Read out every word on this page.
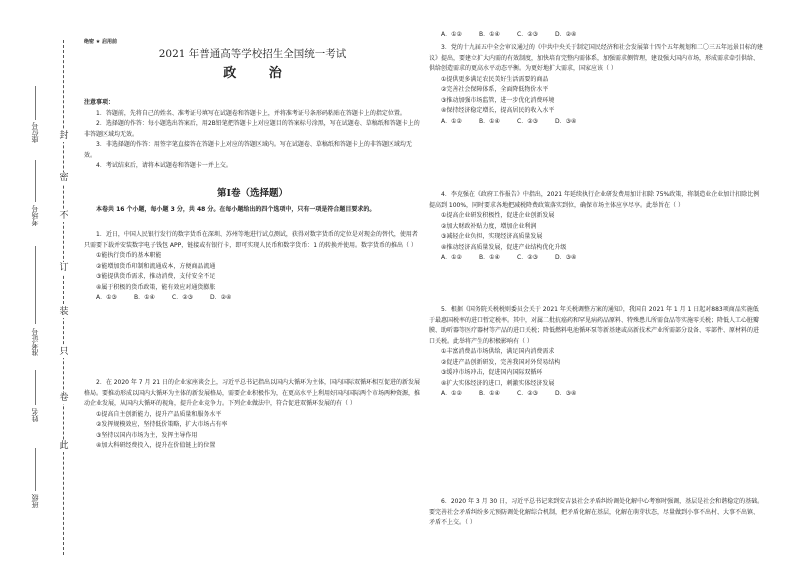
封
不
密
订
装
只
卷
此
座位号
考场号
准考证号
姓名
班级
绝密 ★ 启用前
2021 年普通高等学校招生全国统一考试
政 治
注意事项：
1．答题前，先将自己的姓名、准考证号填写在试题卷和答题卡上，并将准考证号条形码粘贴在答题卡上的指定位置。
2．选择题的作答：每小题选出答案后，用2B铅笔把答题卡上对应题目的答案标号涂黑，写在试题卷、草稿纸和答题卡上的非答题区域均无效。
3．非选择题的作答：用签字笔直接答在答题卡上对应的答题区域内。写在试题卷、草稿纸和答题卡上的非答题区域均无效。
4．考试结束后，请将本试题卷和答题卡一并上交。
第Ⅰ卷（选择题）
本卷共 16 个小题，每小题 3 分，共 48 分。在每小题给出的四个选项中，只有一项是符合题目要求的。
1．近日，中国人民银行发行的数字货币在深圳、苏州等地进行试点测试，获得对数字货币的定位是对现金的替代，使用者只需要下载并安装数字电子钱包 APP，链接或有银行卡，即可实现人民币和数字货币：1 的转换并使用。数字货币的推出（ ）
①能执行货币的基本职能
②能增加货币印制和流通成本，方便商品流通
③能提供货币需求，推动消费，支付安全不足
④属于积极的货币政策，能有效应对通货膨胀
A．①③	B．①④	C．②③	D．②④
2．在 2020 年 7 月 21 日的企业家座谈会上，习近平总书记指出以国内大循环为主体，国内国际双循环相互促进的新发展格局。要推动形成以国内大循环为主体的新发展格局，需要企业积极作为，在更高水平上利用好国内国际两个市场两种资源，推动企业发展，从国内大循环的视角，提升企业竞争力。下列企业做法中，符合促进双循环发展的有（ ）
①提高自主创新能力，提升产品质量和服务水平
②发挥规模效应，坚持低价策略，扩大市场占有率
③坚持以国内市场为主，发挥主导作用
④加大科研经费投入，提升在价值链上的位置
A．①②	B．①④	C．②③	D．②④
3．党的十九届五中全会审议通过的《中共中央关于制定国民经济和社会发展第十四个五年规划和二〇三五年远景目标的建议》提出，要建立扩大内需的有效制度，加快培育完整内需体系，加强需求侧管理，建设强大国内市场，形成需求牵引供给、供给创造需求的更高水平动态平衡。为更好地扩大需求，国家应该（ ）
①提供更多满足农民美好生活需要的商品
②完善社会保障体系，全面降低物价水平
③推动加强市场监管，进一步优化消费环境
④保持经济稳定增长，提高居民的收入水平
A．①②	B．①④	C．②③	D．③④
4．李克强在《政府工作报告》中指出，2021 年延续执行企业研发费用加计扣除 75%政策，将制造业企业加计扣除比例提高到 100%，同时要求各地把减税降费政策落实到位，确保市场主体应享尽享。此举旨在（ ）
①提高企业研发积极性，促进企业创新发展
②加大财政补贴力度，增加企业利润
③减轻企业负担，实现经济高质量发展
④推动经济高质量发展，促进产业结构优化升级
A．①②	B．①④	C．②③	D．③④
5．根据《国务院关税税则委员会关于 2021 年关税调整方案的通知》，我国自 2021 年 1 月 1 日起对883项商品实施低于最惠国税率的进口暂定税率。其中，对属二批抗癌药和罕见病药品原料、特殊患儿所需食品等实施零关税；降低人工心脏瓣膜、助听器等医疗器材等产品的进口关税；降低燃料电池循环泵等新基建或高新技术产业所需部分设备、零部件、原材料的进口关税。此举将产生的积极影响有（ ）
①丰富消费品市场供给，满足国内消费需求
②促进产品创新研发，完善我国对外贸易结构
③缓冲市场冲击，促进国内国际双循环
④扩大实体经济的进口，刺激实体经济发展
A．①②	B．①④	C．②③	D．③④
6．2020 年 3 月 30 日，习近平总书记来到安吉县社会矛盾纠纷调处化解中心考察时强调，基层是社会和谐稳定的基础。要完善社会矛盾纠纷多元预防调处化解综合机制，把矛盾化解在基层，化解在萌芽状态，尽量做到小事不出村、大事不出镇、矛盾不上交。（ ）
